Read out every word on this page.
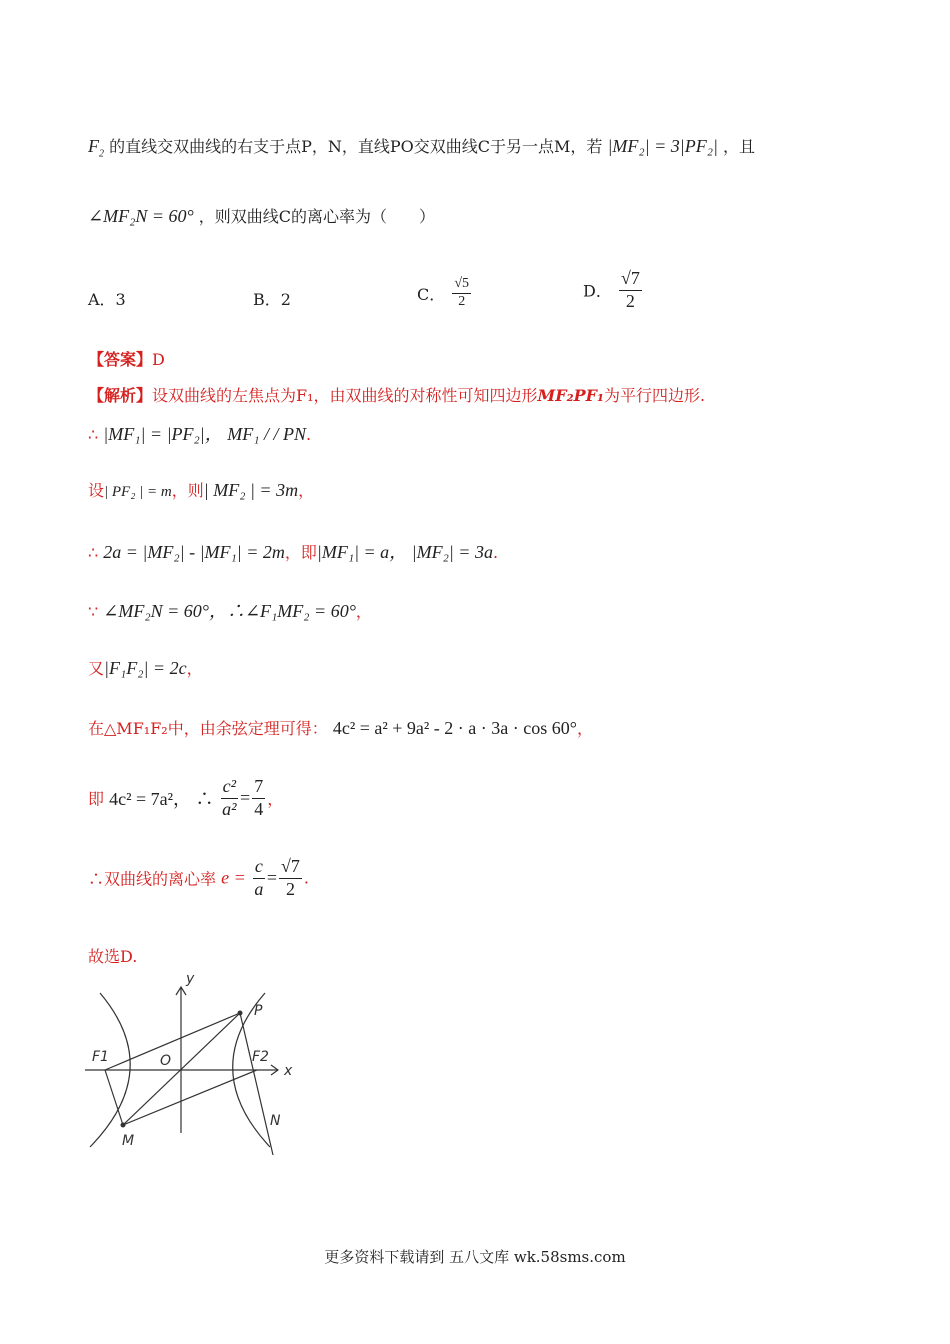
$F_2$ 的直线交双曲线的右支于点P，N，直线PO交双曲线C于另一点M，若 |MF₂| = 3|PF₂| ，且
∠MF₂N = 60° ，则双曲线C的离心率为（　　）
A．3	B．2	C． $\frac{√5}{2}$	D． $\frac{√7}{2}$
【答案】D
【解析】设双曲线的左焦点为F₁，由双曲线的对称性可知四边形MF₂PF₁为平行四边形.
∴ |MF₁| = |PF₂|， MF₁ / / PN.
设| PF₂ | = m，则| MF₂ | = 3m，
∴ 2a = |MF₂| - |MF₁| = 2m，即|MF₁| = a， |MF₂| = 3a.
∵ ∠MF₂N = 60°，∴∠F₁MF₂ = 60°，
又|F₁F₂| = 2c，
在△MF₁F₂中，由余弦定理可得： 4c² = a² + 9a² - 2 · a · 3a · cos 60°，
即 4c² = 7a²， ∴ $\frac{\text{c²}}{\text{a²}} = \frac{7}{4}$ ，
∴双曲线的离心率 $e = \frac{c}{a} = \frac{√7}{2}$ .
故选D.
y
x
O
F1	F2
P
M
N
更多资料下载请到 五八文库 wk.58sms.com
